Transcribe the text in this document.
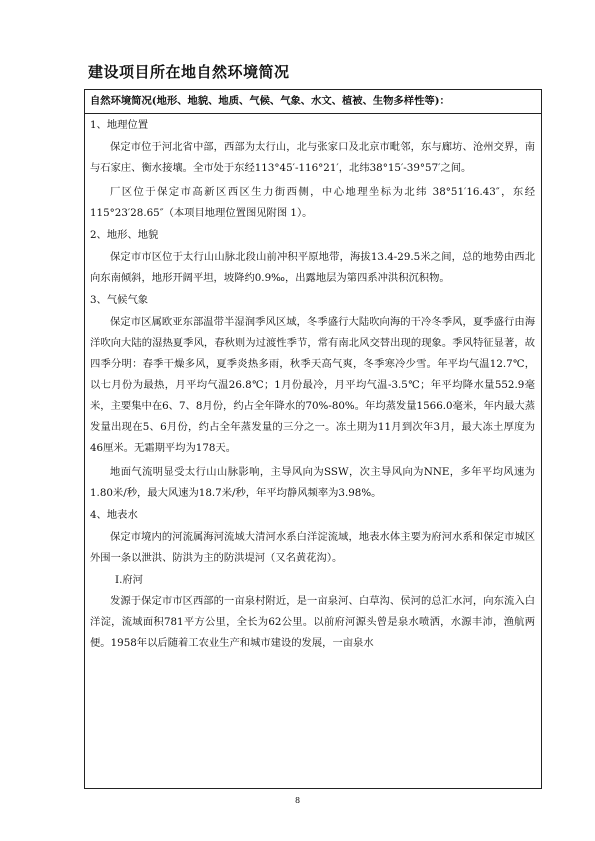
建设项目所在地自然环境简况
自然环境简况(地形、地貌、地质、气候、气象、水文、植被、生物多样性等)：
1、地理位置

保定市位于河北省中部，西部为太行山，北与张家口及北京市毗邻，东与廊坊、沧州交界，南与石家庄、衡水接壤。全市处于东经113°45′-116°21′，北纬38°15′-39°57′之间。

厂区位于保定市高新区西区生力街西侧，中心地理坐标为北纬 38°51′16.43″，东经 115°23′28.65″（本项目地理位置图见附图 1）。

2、地形、地貌

保定市市区位于太行山山脉北段山前冲积平原地带，海拔13.4-29.5米之间，总的地势由西北向东南倾斜，地形开阔平坦，坡降约0.9‰，出露地层为第四系冲洪积沉积物。

3、气候气象

保定市区属欧亚东部温带半湿润季风区域，冬季盛行大陆吹向海的干冷冬季风，夏季盛行由海洋吹向大陆的湿热夏季风，春秋则为过渡性季节，常有南北风交替出现的现象。季风特征显著，故四季分明：春季干燥多风，夏季炎热多雨，秋季天高气爽，冬季寒冷少雪。年平均气温12.7℃，以七月份为最热，月平均气温26.8℃；1月份最冷，月平均气温-3.5℃；年平均降水量552.9毫米，主要集中在6、7、8月份，约占全年降水的70%-80%。年均蒸发量1566.0毫米，年内最大蒸发量出现在5、6月份，约占全年蒸发量的三分之一。冻土期为11月到次年3月，最大冻土厚度为46厘米。无霜期平均为178天。

地面气流明显受太行山山脉影响，主导风向为SSW，次主导风向为NNE，多年平均风速为1.80米/秒，最大风速为18.7米/秒，年平均静风频率为3.98%。

4、地表水

保定市境内的河流属海河流域大清河水系白洋淀流域，地表水体主要为府河水系和保定市城区外围一条以泄洪、防洪为主的防洪堤河（又名黄花沟）。

Ⅰ.府河

发源于保定市市区西部的一亩泉村附近，是一亩泉河、白草沟、侯河的总汇水河，向东流入白洋淀，流域面积781平方公里，全长为62公里。以前府河源头曾是泉水喷洒，水源丰沛，渔航两便。1958年以后随着工农业生产和城市建设的发展，一亩泉水

8
